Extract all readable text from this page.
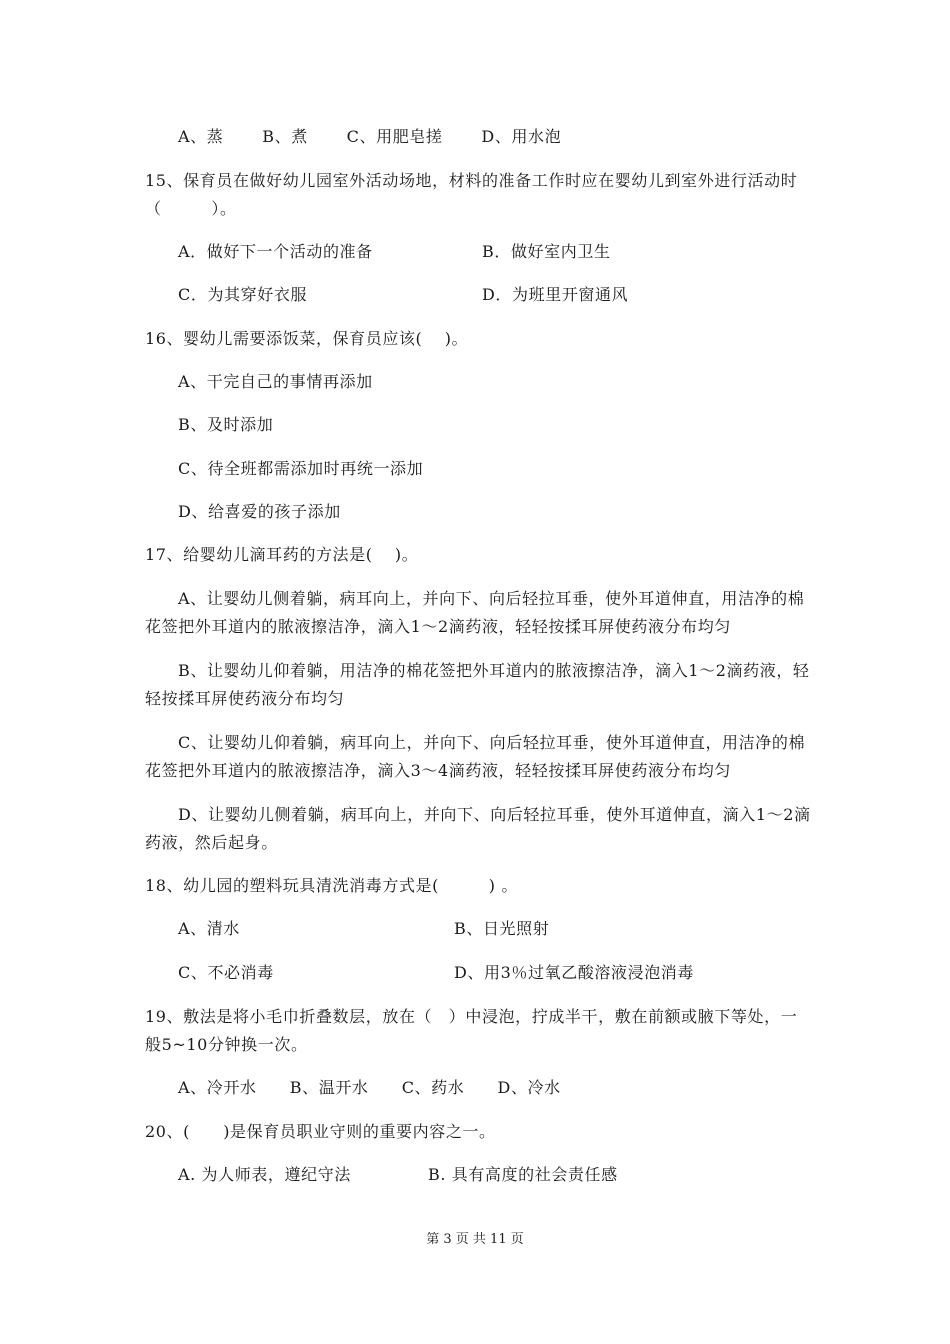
A、蒸　　 B、煮　　 C、用肥皂搓　　 D、用水泡
15、保育员在做好幼儿园室外活动场地，材料的准备工作时应在婴幼儿到室外进行活动时
（　　　）。
A．做好下一个活动的准备	B．做好室内卫生
C．为其穿好衣服	D．为班里开窗通风
16、婴幼儿需要添饭菜，保育员应该(　 )。
A、干完自己的事情再添加
B、及时添加
C、待全班都需添加时再统一添加
D、给喜爱的孩子添加
17、给婴幼儿滴耳药的方法是(　 )。
A、让婴幼儿侧着躺，病耳向上，并向下、向后轻拉耳垂，使外耳道伸直，用洁净的棉
花签把外耳道内的脓液擦洁净，滴入1～2滴药液，轻轻按揉耳屏使药液分布均匀
B、让婴幼儿仰着躺，用洁净的棉花签把外耳道内的脓液擦洁净，滴入1～2滴药液，轻
轻按揉耳屏使药液分布均匀
C、让婴幼儿仰着躺，病耳向上，并向下、向后轻拉耳垂，使外耳道伸直，用洁净的棉
花签把外耳道内的脓液擦洁净，滴入3～4滴药液，轻轻按揉耳屏使药液分布均匀
D、让婴幼儿侧着躺，病耳向上，并向下、向后轻拉耳垂，使外耳道伸直，滴入1～2滴
药液，然后起身。
18、幼儿园的塑料玩具清洗消毒方式是(　　　) 。
A、清水	B、日光照射
C、不必消毒	D、用3％过氧乙酸溶液浸泡消毒
19、敷法是将小毛巾折叠数层，放在（　）中浸泡，拧成半干，敷在前额或腋下等处，一
般5~10分钟换一次。
A、冷开水　　B、温开水　　C、药水　　D、冷水
20、(　　)是保育员职业守则的重要内容之一。
A. 为人师表，遵纪守法	B. 具有高度的社会责任感
第 3 页 共 11 页
